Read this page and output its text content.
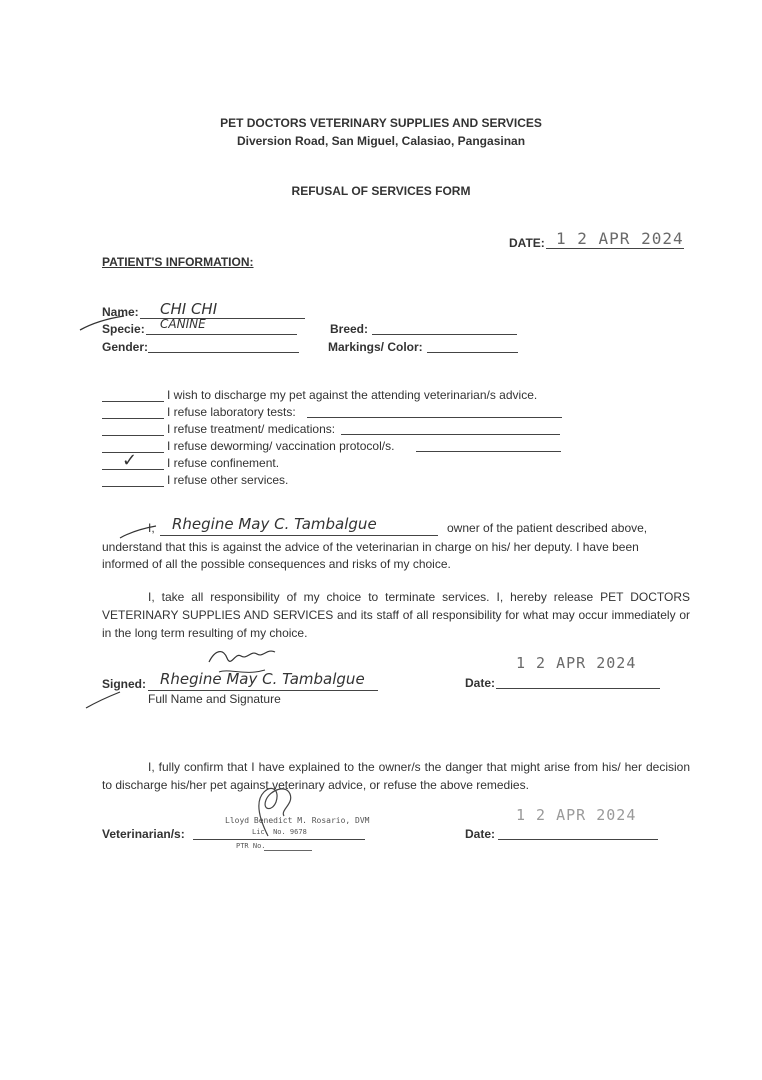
PET DOCTORS VETERINARY SUPPLIES AND SERVICES
Diversion Road, San Miguel, Calasiao, Pangasinan
REFUSAL OF SERVICES FORM
DATE: 1 2 APR 2024
PATIENT'S INFORMATION:
Name: CHI CHI
Specie: CANINE	Breed:
Gender:	Markings/ Color:
I wish to discharge my pet against the attending veterinarian/s advice.
I refuse laboratory tests:
I refuse treatment/ medications:
I refuse deworming/ vaccination protocol/s.
I refuse confinement.
✓
I refuse other services.
I, Rhegine May C. Tambalgue	owner of the patient described above,
understand that this is against the advice of the veterinarian in charge on his/ her deputy. I have been
informed of all the possible consequences and risks of my choice.
I, take all responsibility of my choice to terminate services. I, hereby release PET DOCTORS VETERINARY SUPPLIES AND SERVICES and its staff of all responsibility for what may occur immediately or in the long term resulting of my choice.
Signed: Rhegine May C. Tambalgue
Full Name and Signature
Date:
1 2 APR 2024
I, fully confirm that I have explained to the owner/s the danger that might arise from his/ her decision to discharge his/her pet against veterinary advice, or refuse the above remedies.
Veterinarian/s:
Lloyd Benedict M. Rosario, DVM
Lic. No. 9678
PTR No.
Date:
1 2 APR 2024
